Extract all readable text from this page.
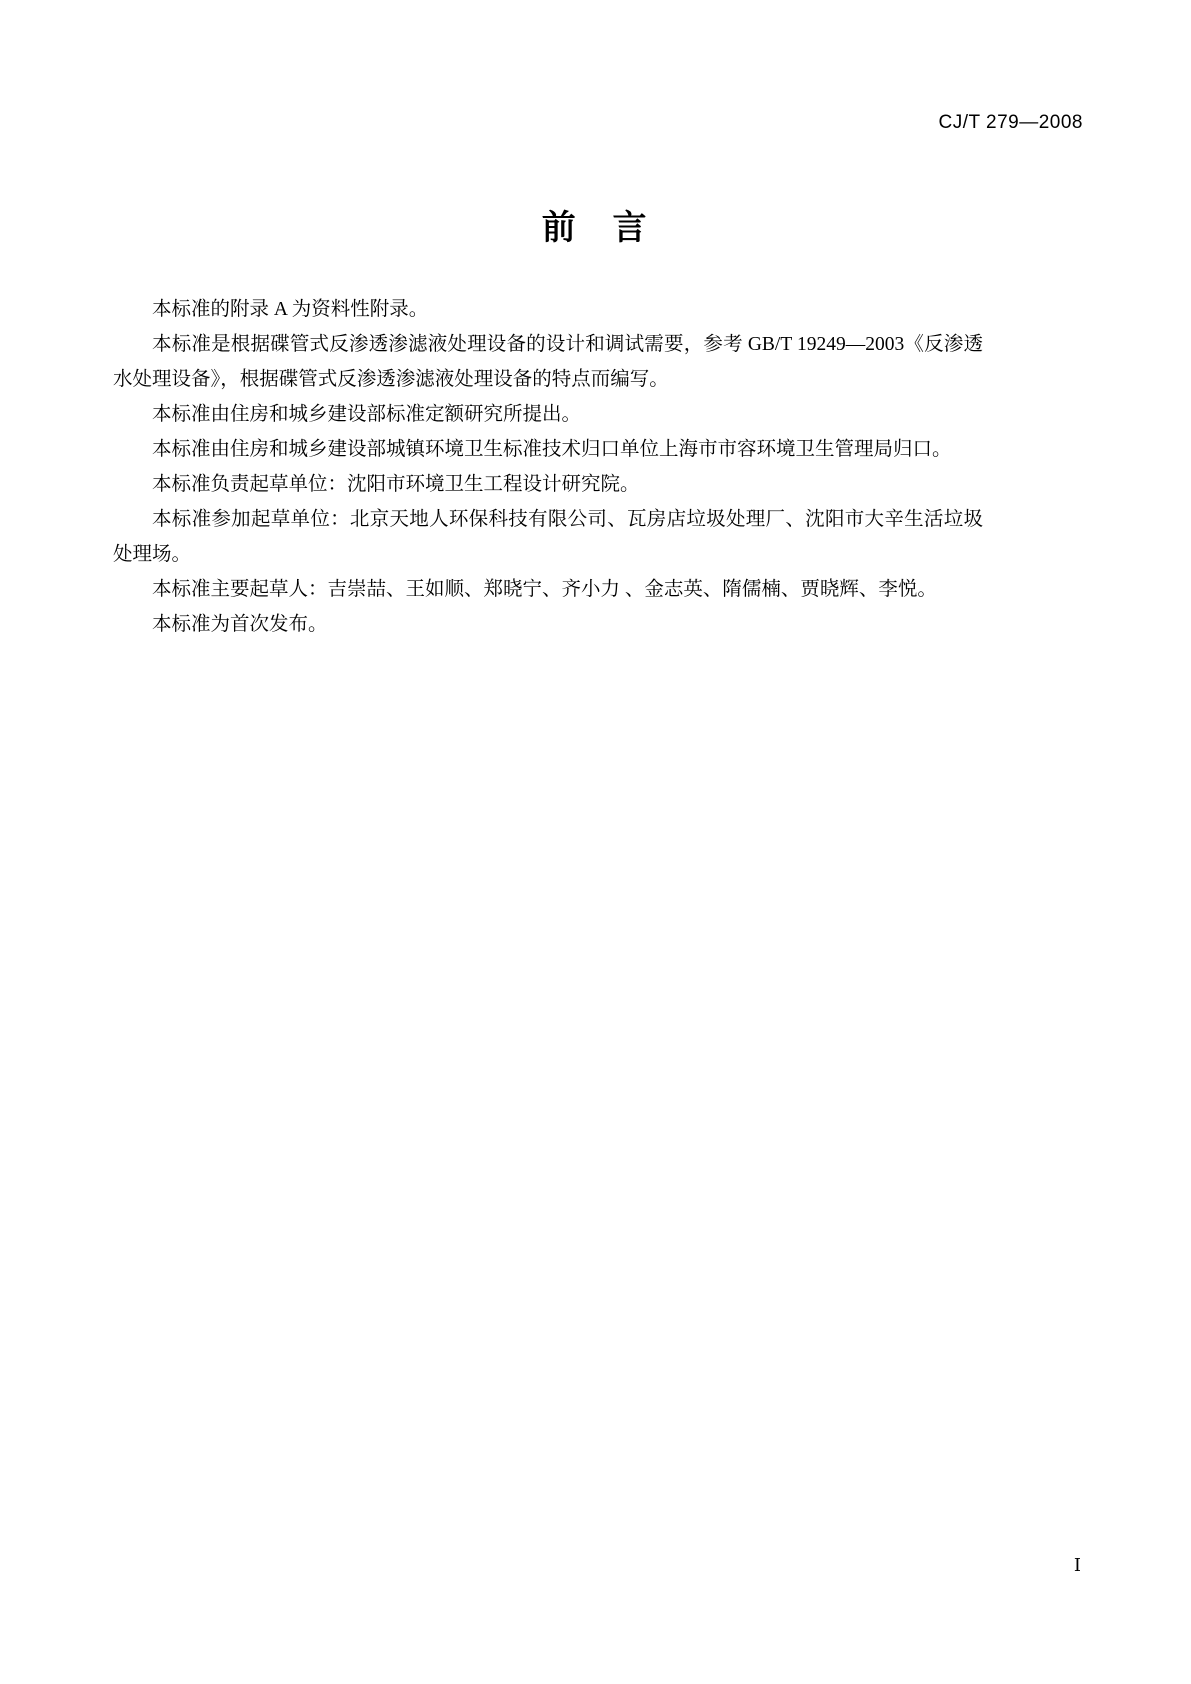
CJ/T 279—2008
前 言

本标准的附录 A 为资料性附录。

本标准是根据碟管式反渗透渗滤液处理设备的设计和调试需要，参考 GB/T 19249—2003《反渗透水处理设备》，根据碟管式反渗透渗滤液处理设备的特点而编写。

本标准由住房和城乡建设部标准定额研究所提出。

本标准由住房和城乡建设部城镇环境卫生标准技术归口单位上海市市容环境卫生管理局归口。

本标准负责起草单位：沈阳市环境卫生工程设计研究院。

本标准参加起草单位：北京天地人环保科技有限公司、瓦房店垃圾处理厂、沈阳市大辛生活垃圾处理场。

本标准主要起草人：吉崇喆、王如顺、郑晓宁、齐小力 、金志英、隋儒楠、贾晓辉、李悦。

本标准为首次发布。

Ⅰ
